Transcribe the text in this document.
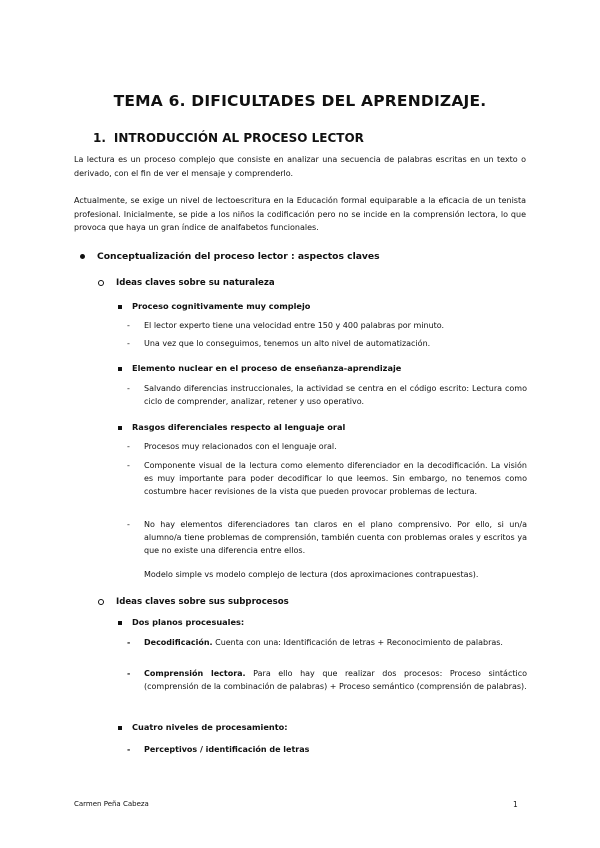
TEMA 6. DIFICULTADES DEL APRENDIZAJE.
1. INTRODUCCIÓN AL PROCESO LECTOR

La lectura es un proceso complejo que consiste en analizar una secuencia de palabras escritas en un texto o derivado, con el fin de ver el mensaje y comprenderlo.

Actualmente, se exige un nivel de lectoescritura en la Educación formal equiparable a la eficacia de un tenista profesional. Inicialmente, se pide a los niños la codificación pero no se incide en la comprensión lectora, lo que provoca que haya un gran índice de analfabetos funcionales.

Conceptualización del proceso lector : aspectos claves
Ideas claves sobre su naturaleza
Proceso cognitivamente muy complejo
- El lector experto tiene una velocidad entre 150 y 400 palabras por minuto.
- Una vez que lo conseguimos, tenemos un alto nivel de automatización.
Elemento nuclear en el proceso de enseñanza-aprendizaje
- Salvando diferencias instruccionales, la actividad se centra en el código escrito: Lectura como ciclo de comprender, analizar, retener y uso operativo.
Rasgos diferenciales respecto al lenguaje oral
- Procesos muy relacionados con el lenguaje oral.
- Componente visual de la lectura como elemento diferenciador en la decodificación. La visión es muy importante para poder decodificar lo que leemos. Sin embargo, no tenemos como costumbre hacer revisiones de la vista que pueden provocar problemas de lectura.
- No hay elementos diferenciadores tan claros en el plano comprensivo. Por ello, si un/a alumno/a tiene problemas de comprensión, también cuenta con problemas orales y escritos ya que no existe una diferencia entre ellos.
Modelo simple vs modelo complejo de lectura (dos aproximaciones contrapuestas).
Ideas claves sobre sus subprocesos
Dos planos procesuales:
- Decodificación. Cuenta con una: Identificación de letras + Reconocimiento de palabras.
- Comprensión lectora. Para ello hay que realizar dos procesos: Proceso sintáctico (comprensión de la combinación de palabras) + Proceso semántico (comprensión de palabras).
Cuatro niveles de procesamiento:
- Perceptivos / identificación de letras
Carmen Peña Cabeza	1
